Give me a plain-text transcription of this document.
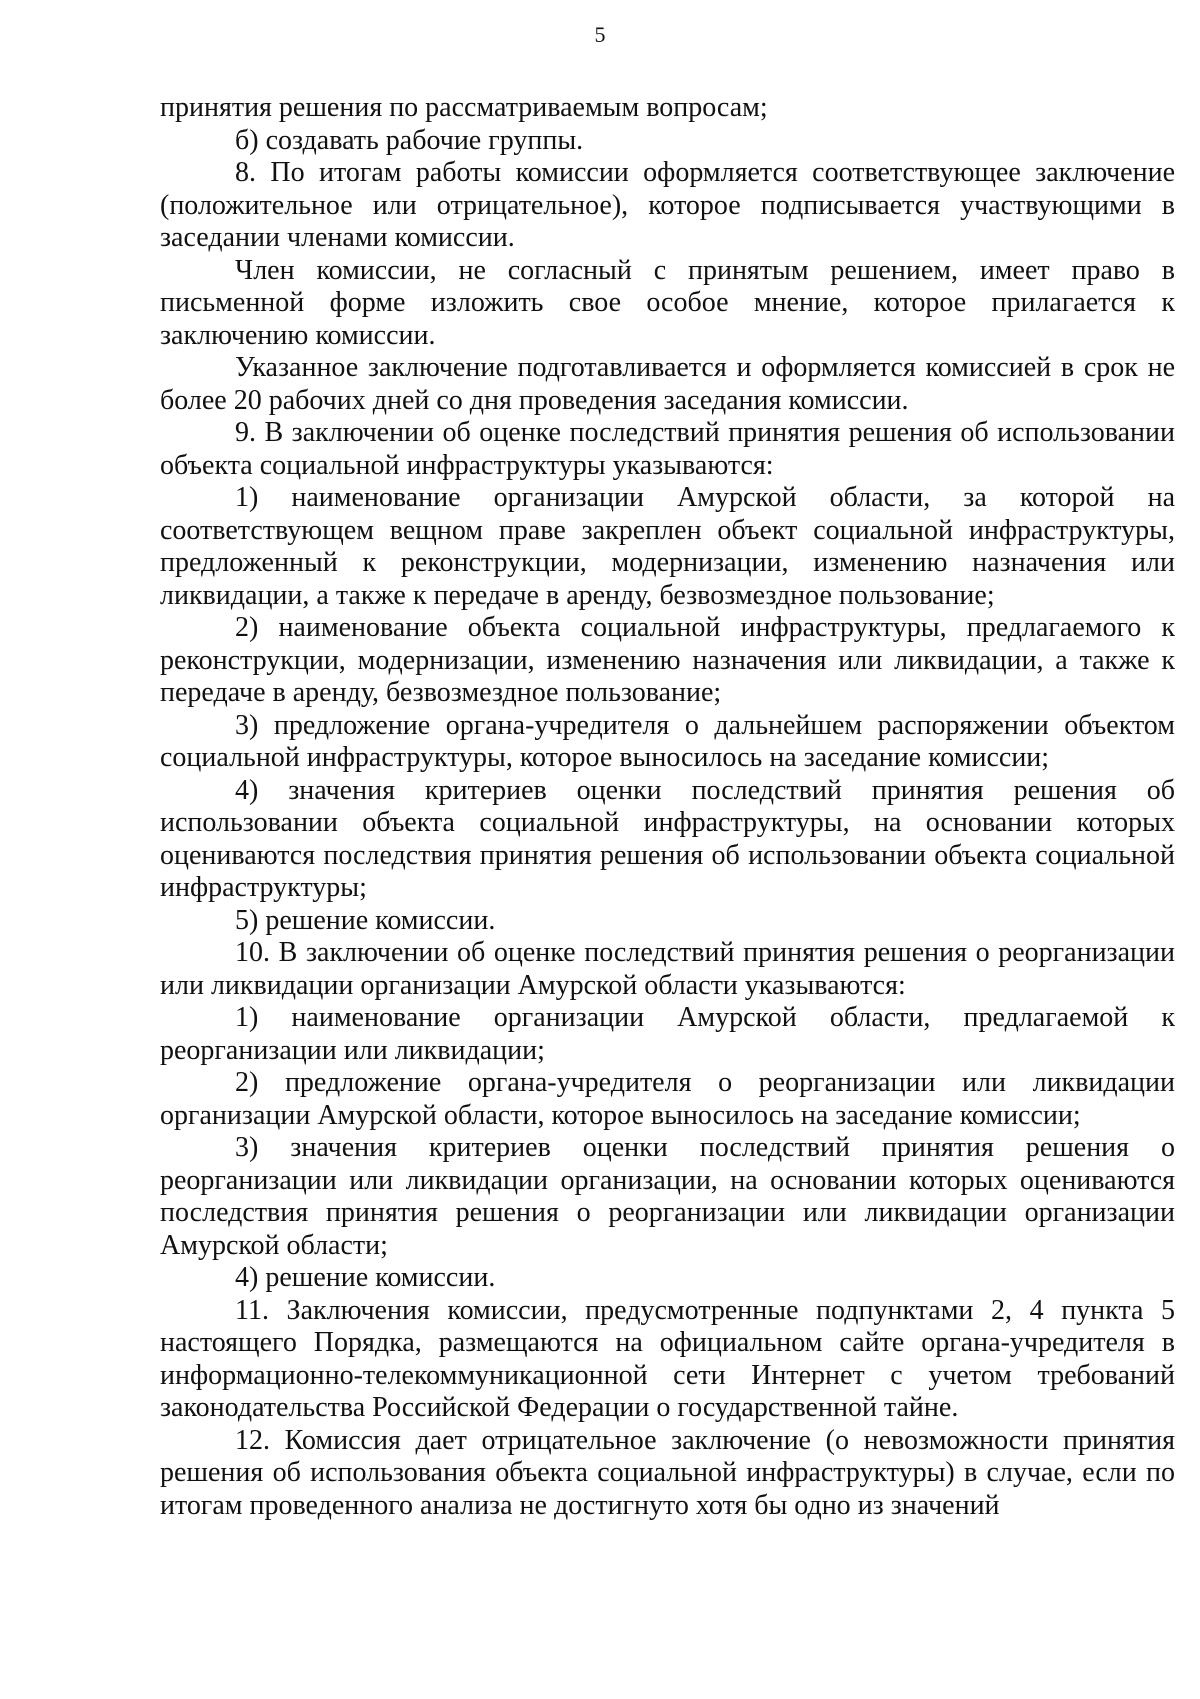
5

принятия решения по рассматриваемым вопросам;

б) создавать рабочие группы.

8. По итогам работы комиссии оформляется соответствующее заключение (положительное или отрицательное), которое подписывается участвующими в заседании членами комиссии.

Член комиссии, не согласный с принятым решением, имеет право в письменной форме изложить свое особое мнение, которое прилагается к заключению комиссии.

Указанное заключение подготавливается и оформляется комиссией в срок не более 20 рабочих дней со дня проведения заседания комиссии.

9. В заключении об оценке последствий принятия решения об использовании объекта социальной инфраструктуры указываются:

1) наименование организации Амурской области, за которой на соответствующем вещном праве закреплен объект социальной инфраструктуры, предложенный к реконструкции, модернизации, изменению назначения или ликвидации, а также к передаче в аренду, безвозмездное пользование;

2) наименование объекта социальной инфраструктуры, предлагаемого к реконструкции, модернизации, изменению назначения или ликвидации, а также к передаче в аренду, безвозмездное пользование;

3) предложение органа-учредителя о дальнейшем распоряжении объектом социальной инфраструктуры, которое выносилось на заседание комиссии;

4) значения критериев оценки последствий принятия решения об использовании объекта социальной инфраструктуры, на основании которых оцениваются последствия принятия решения об использовании объекта социальной инфраструктуры;

5) решение комиссии.

10. В заключении об оценке последствий принятия решения о реорганизации или ликвидации организации Амурской области указываются:

1) наименование организации Амурской области, предлагаемой к реорганизации или ликвидации;

2) предложение органа-учредителя о реорганизации или ликвидации организации Амурской области, которое выносилось на заседание комиссии;

3) значения критериев оценки последствий принятия решения о реорганизации или ликвидации организации, на основании которых оцениваются последствия принятия решения о реорганизации или ликвидации организации Амурской области;

4) решение комиссии.

11. Заключения комиссии, предусмотренные подпунктами 2, 4 пункта 5 настоящего Порядка, размещаются на официальном сайте органа-учредителя в информационно-телекоммуникационной сети Интернет с учетом требований законодательства Российской Федерации о государственной тайне.

12. Комиссия дает отрицательное заключение (о невозможности принятия решения об использования объекта социальной инфраструктуры) в случае, если по итогам проведенного анализа не достигнуто хотя бы одно из значений
